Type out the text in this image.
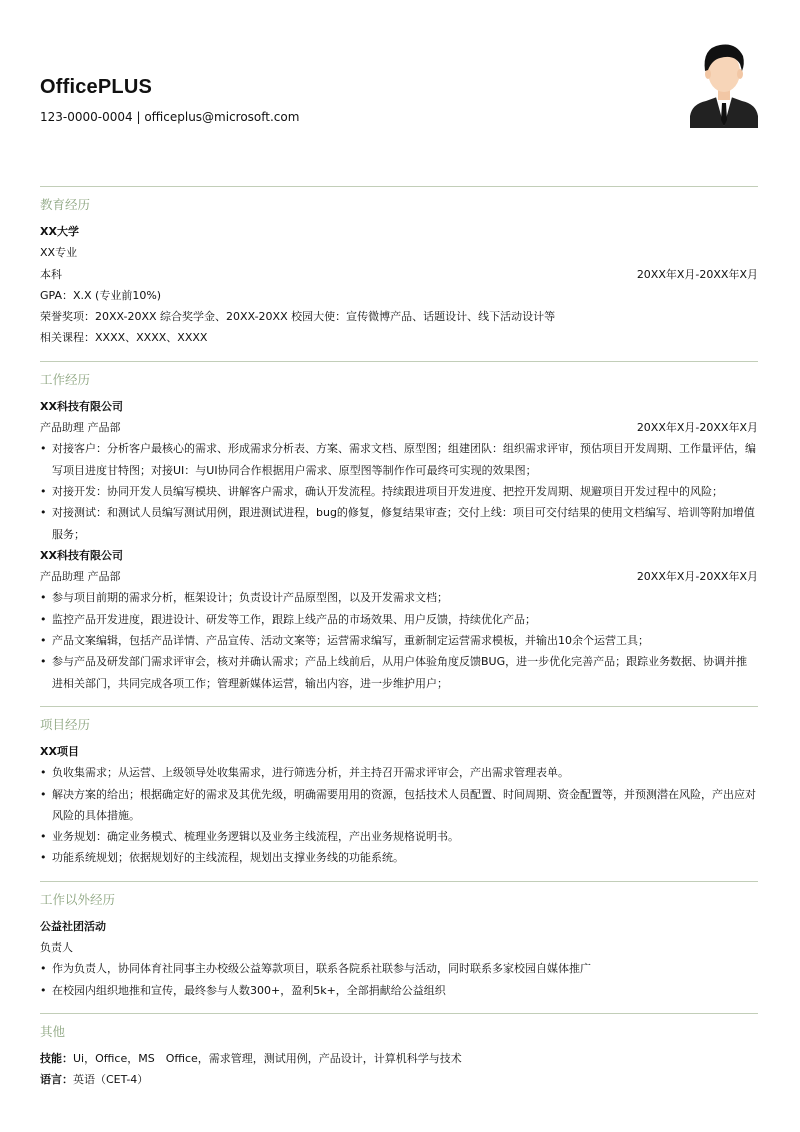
OfficePLUS
123-0000-0004 | officeplus@microsoft.com
教育经历
XX大学
XX专业
本科	20XX年X月-20XX年X月
GPA：X.X (专业前10%)
荣誉奖项：20XX-20XX 综合奖学金、20XX-20XX 校园大使：宣传微博产品、话题设计、线下活动设计等
相关课程：XXXX、XXXX、XXXX
工作经历
XX科技有限公司
产品助理 产品部	20XX年X月-20XX年X月
• 对接客户：分析客户最核心的需求、形成需求分析表、方案、需求文档、原型图；组建团队：组织需求评审，预估项目开发周期、工作量评估，编写项目进度甘特图；对接UI：与UI协同合作根据用户需求、原型图等制作作可最终可实现的效果图；
• 对接开发：协同开发人员编写模块、讲解客户需求，确认开发流程。持续跟进项目开发进度、把控开发周期、规避项目开发过程中的风险；
• 对接测试：和测试人员编写测试用例，跟进测试进程，bug的修复，修复结果审查；交付上线：项目可交付结果的使用文档编写、培训等附加增值服务；
XX科技有限公司
产品助理 产品部	20XX年X月-20XX年X月
• 参与项目前期的需求分析，框架设计；负责设计产品原型图，以及开发需求文档；
• 监控产品开发进度，跟进设计、研发等工作，跟踪上线产品的市场效果、用户反馈，持续优化产品；
• 产品文案编辑，包括产品详情、产品宣传、活动文案等；运营需求编写，重新制定运营需求模板，并输出10余个运营工具；
• 参与产品及研发部门需求评审会，核对并确认需求；产品上线前后，从用户体验角度反馈BUG，进一步优化完善产品；跟踪业务数据、协调并推进相关部门，共同完成各项工作；管理新媒体运营，输出内容，进一步维护用户；
项目经历
XX项目
• 负收集需求；从运营、上级领导处收集需求，进行筛选分析，并主持召开需求评审会，产出需求管理表单。
• 解决方案的给出；根据确定好的需求及其优先级，明确需要用用的资源，包括技术人员配置、时间周期、资金配置等，并预测潜在风险，产出应对风险的具体措施。
• 业务规划：确定业务模式、梳理业务逻辑以及业务主线流程，产出业务规格说明书。
• 功能系统规划；依据规划好的主线流程，规划出支撑业务线的功能系统。
工作以外经历
公益社团活动
负责人
• 作为负责人，协同体育社同事主办校级公益筹款项目，联系各院系社联参与活动，同时联系多家校园自媒体推广
• 在校园内组织地推和宣传，最终参与人数300+，盈利5k+，全部捐献给公益组织
其他
技能：Ui，Office，MS　Office，需求管理，测试用例，产品设计，计算机科学与技术
语言：英语（CET-4）
